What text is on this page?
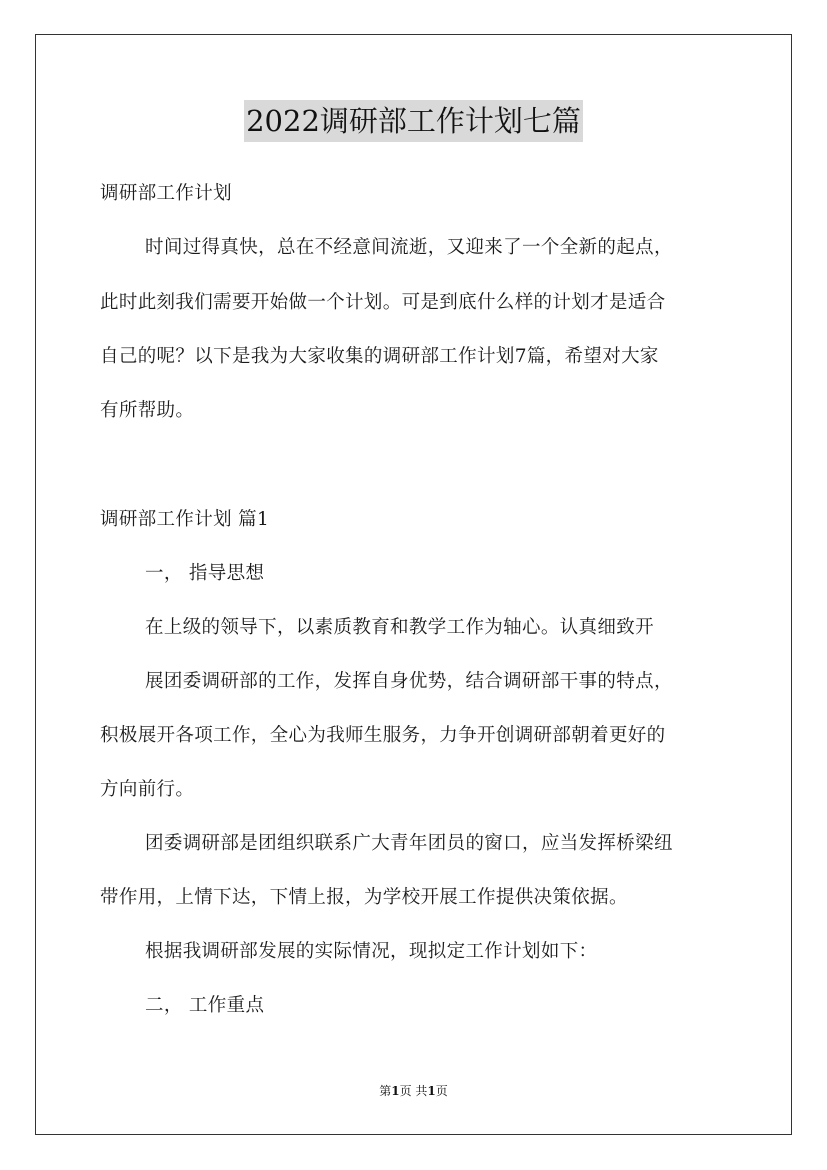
2022调研部工作计划七篇
调研部工作计划
时间过得真快，总在不经意间流逝，又迎来了一个全新的起点，
此时此刻我们需要开始做一个计划。可是到底什么样的计划才是适合
自己的呢？以下是我为大家收集的调研部工作计划7篇，希望对大家
有所帮助。
调研部工作计划 篇1
一， 指导思想
在上级的领导下，以素质教育和教学工作为轴心。认真细致开
展团委调研部的工作，发挥自身优势，结合调研部干事的特点，
积极展开各项工作，全心为我师生服务，力争开创调研部朝着更好的
方向前行。
团委调研部是团组织联系广大青年团员的窗口，应当发挥桥梁纽
带作用，上情下达，下情上报，为学校开展工作提供决策依据。
根据我调研部发展的实际情况，现拟定工作计划如下：
二， 工作重点
第1页 共1页
